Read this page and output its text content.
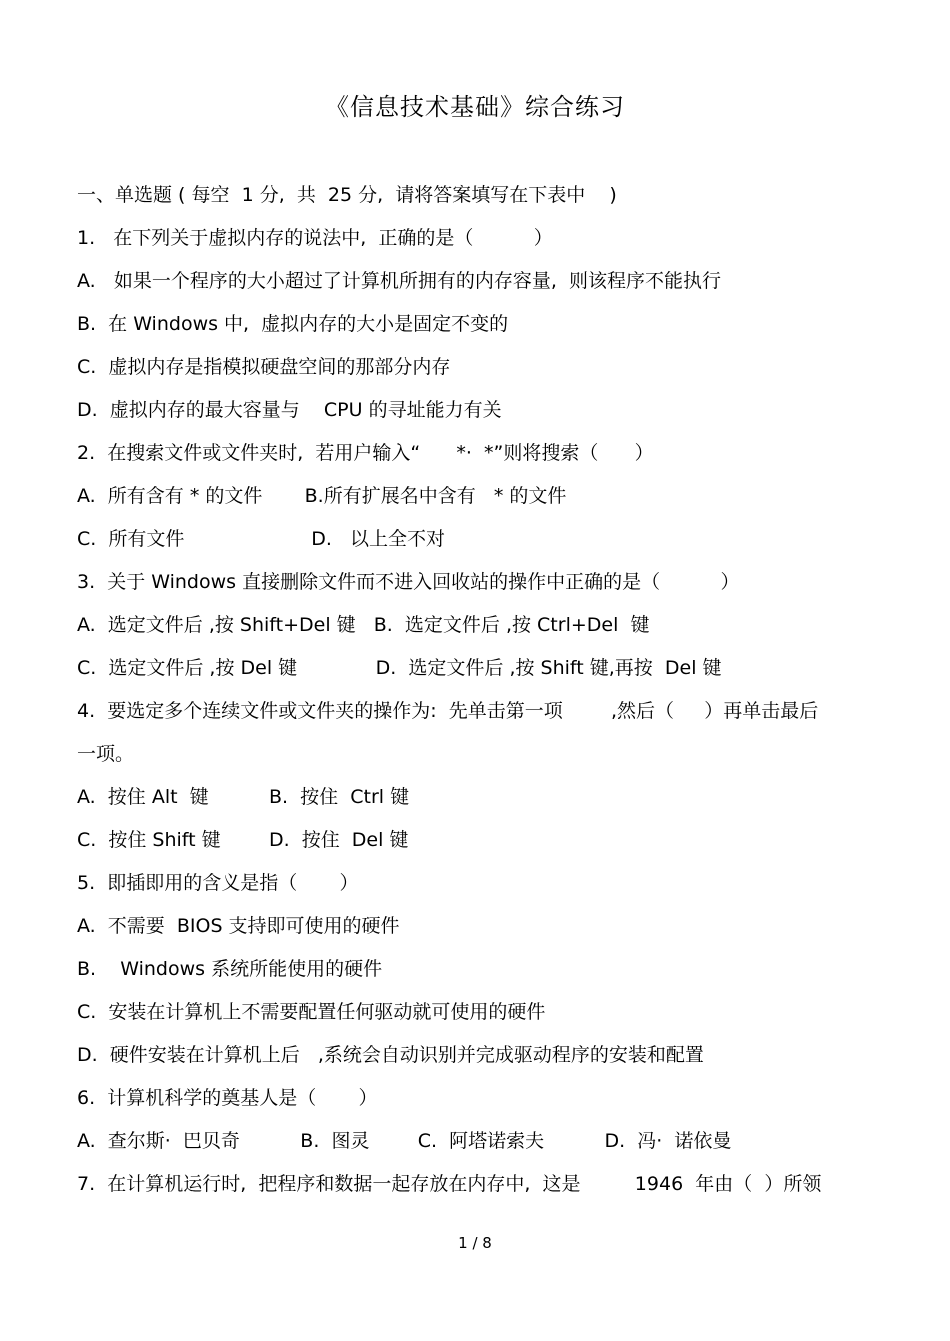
《信息技术基础》综合练习
一、单选题 ( 每空  1 分,  共  25 分,  请将答案填写在下表中    )
1.   在下列关于虚拟内存的说法中,  正确的是（          ）
A.   如果一个程序的大小超过了计算机所拥有的内存容量,  则该程序不能执行
B.  在 Windows 中,  虚拟内存的大小是固定不变的
C.  虚拟内存是指模拟硬盘空间的那部分内存
D.  虚拟内存的最大容量与    CPU 的寻址能力有关
2.  在搜索文件或文件夹时,  若用户输入“      *·  *”则将搜索（      ）
A.  所有含有 * 的文件       B.所有扩展名中含有   * 的文件
C.  所有文件                     D.   以上全不对
3.  关于 Windows 直接删除文件而不进入回收站的操作中正确的是（          ）
A.  选定文件后 ,按 Shift+Del 键   B.  选定文件后 ,按 Ctrl+Del  键
C.  选定文件后 ,按 Del 键             D.  选定文件后 ,按 Shift 键,再按  Del 键
4.  要选定多个连续文件或文件夹的操作为:  先单击第一项        ,然后（     ）再单击最后
一项。
A.  按住 Alt  键          B.  按住  Ctrl 键
C.  按住 Shift 键        D.  按住  Del 键
5.  即插即用的含义是指（       ）
A.  不需要  BIOS 支持即可使用的硬件
B.    Windows 系统所能使用的硬件
C.  安装在计算机上不需要配置任何驱动就可使用的硬件
D.  硬件安装在计算机上后   ,系统会自动识别并完成驱动程序的安装和配置
6.  计算机科学的奠基人是（       ）
A.  查尔斯·  巴贝奇          B.  图灵        C.  阿塔诺索夫          D.  冯·  诺依曼
7.  在计算机运行时,  把程序和数据一起存放在内存中,  这是         1946  年由（  ）所领
1 / 8
